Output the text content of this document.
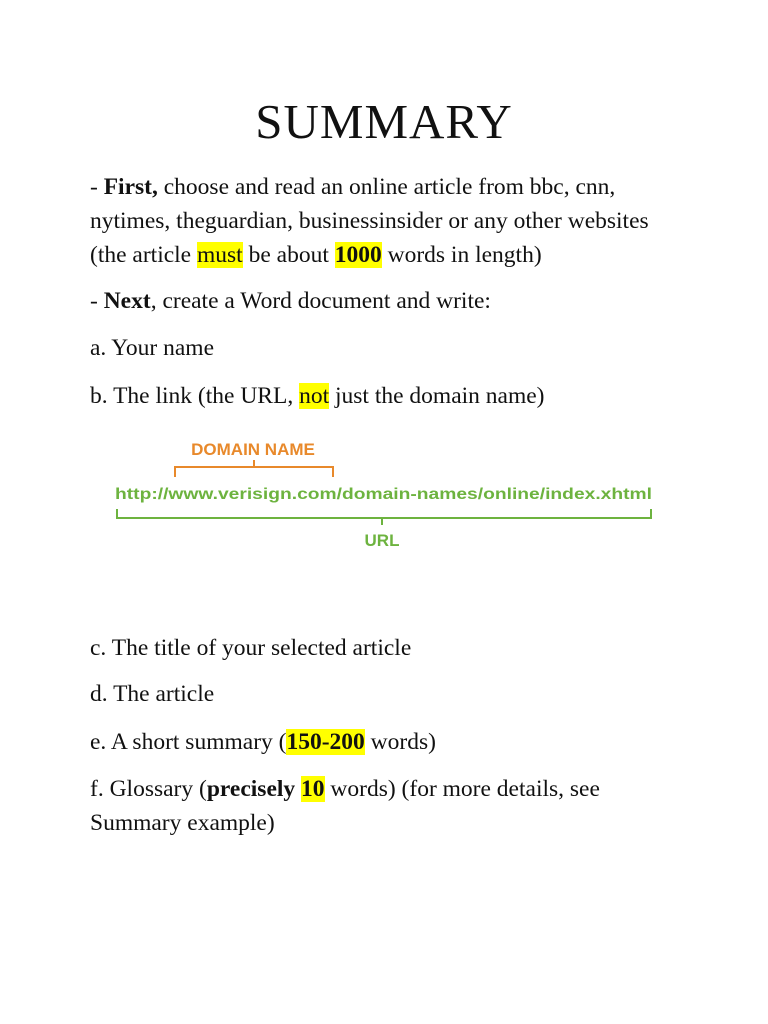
SUMMARY

- First, choose and read an online article from bbc, cnn, nytimes, theguardian, businessinsider or any other websites (the article must be about 1000 words in length)

- Next, create a Word document and write:

a. Your name

b. The link (the URL, not just the domain name)

DOMAIN NAME
http://www.verisign.com/domain-names/online/index.xhtml
URL

c. The title of your selected article

d. The article

e. A short summary (150-200 words)

f. Glossary (precisely 10 words) (for more details, see Summary example)
